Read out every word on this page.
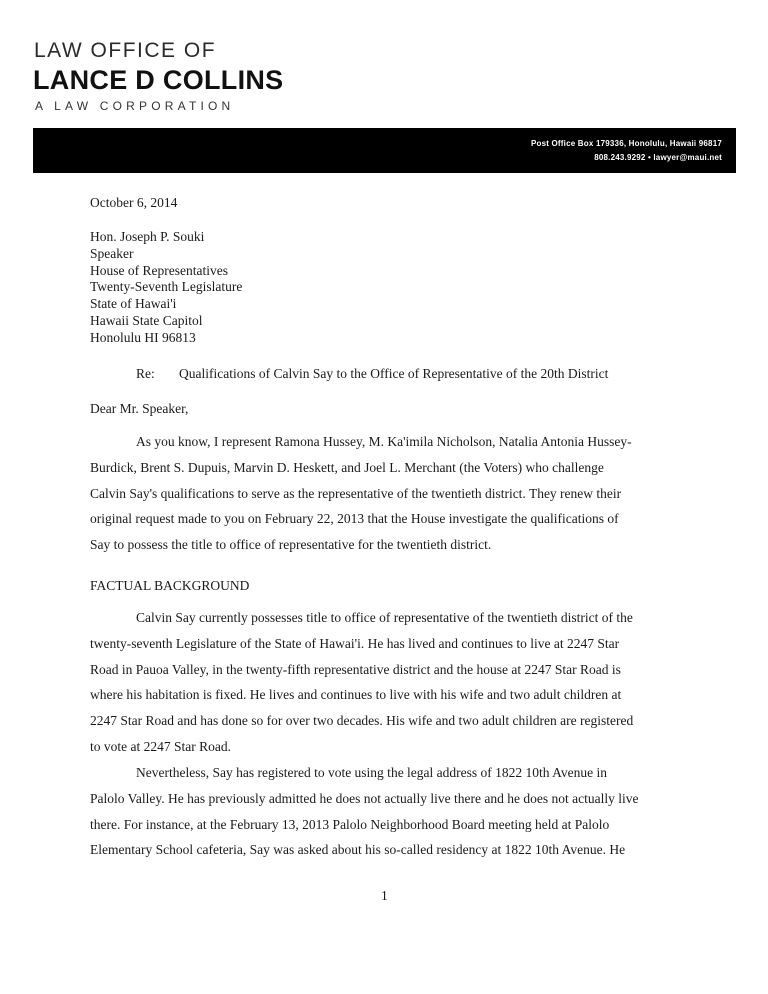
LAW OFFICE OF
LANCE D COLLINS
A LAW CORPORATION
Post Office Box 179336, Honolulu, Hawaii 96817
808.243.9292 • lawyer@maui.net
October 6, 2014
Hon. Joseph P. Souki
Speaker
House of Representatives
Twenty-Seventh Legislature
State of Hawai'i
Hawaii State Capitol
Honolulu HI 96813
Re: Qualifications of Calvin Say to the Office of Representative of the 20th District
Dear Mr. Speaker,
As you know, I represent Ramona Hussey, M. Ka'imila Nicholson, Natalia Antonia Hussey-
Burdick, Brent S. Dupuis, Marvin D. Heskett, and Joel L. Merchant (the Voters) who challenge
Calvin Say's qualifications to serve as the representative of the twentieth district. They renew their
original request made to you on February 22, 2013 that the House investigate the qualifications of
Say to possess the title to office of representative for the twentieth district.
FACTUAL BACKGROUND
Calvin Say currently possesses title to office of representative of the twentieth district of the
twenty-seventh Legislature of the State of Hawai'i. He has lived and continues to live at 2247 Star
Road in Pauoa Valley, in the twenty-fifth representative district and the house at 2247 Star Road is
where his habitation is fixed. He lives and continues to live with his wife and two adult children at
2247 Star Road and has done so for over two decades. His wife and two adult children are registered
to vote at 2247 Star Road.
Nevertheless, Say has registered to vote using the legal address of 1822 10th Avenue in
Palolo Valley. He has previously admitted he does not actually live there and he does not actually live
there. For instance, at the February 13, 2013 Palolo Neighborhood Board meeting held at Palolo
Elementary School cafeteria, Say was asked about his so-called residency at 1822 10th Avenue. He
1
